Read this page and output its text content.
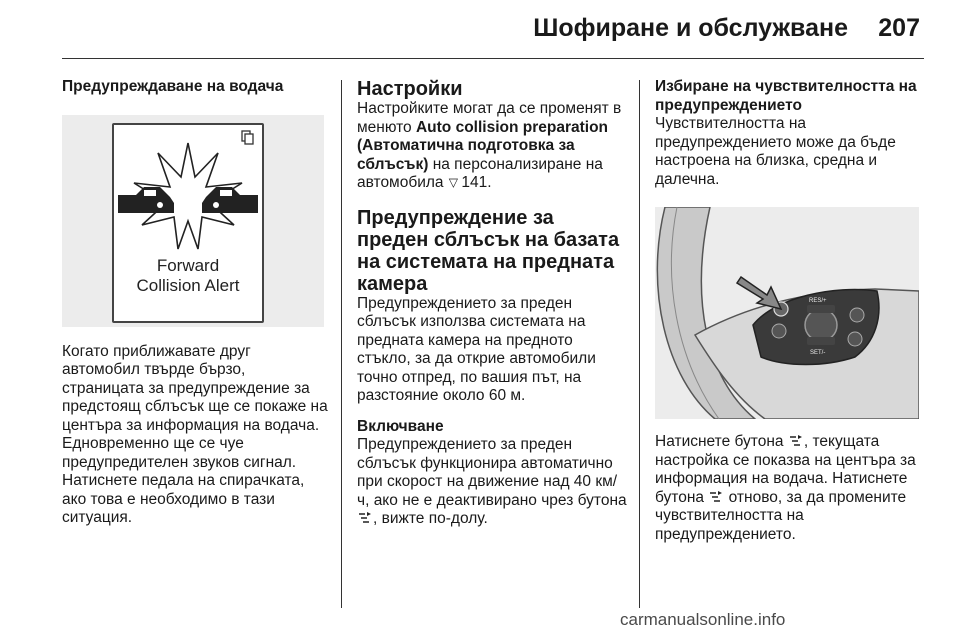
Шофиране и обслужване 207

Предупреждаване на водача

Forward
Collision Alert

Когато приближавате друг автомобил твърде бързо, страницата за предупреждение за предстоящ сблъсък ще се покаже на центъра за информация на водача. Едновременно ще се чуе предупредителен звуков сигнал. Натиснете педала на спирачката, ако това е необходимо в тази ситуация.

Настройки

Настройките могат да се променят в менюто Auto collision preparation (Автоматична подготовка за сблъсък) на персонализиране на автомобила ◁ 141.

Предупреждение за преден сблъсък на базата на системата на предната камера

Предупреждението за преден сблъсък използва системата на предната камера на предното стъкло, за да открие автомобили точно отпред, по вашия път, на разстояние около 60 м.

Включване

Предупреждението за преден сблъсък функционира автоматично при скорост на движение над 40 км/ч, ако не е деактивирано чрез бутона , вижте по-долу.

Избиране на чувствителността на предупреждението

Чувствителността на предупреждението може да бъде настроена на близка, средна и далечна.

RES/+
SET/-

Натиснете бутона , текущата настройка се показва на центъра за информация на водача. Натиснете бутона  отново, за да промените чувствителността на предупреждението.

carmanualsonline.info
